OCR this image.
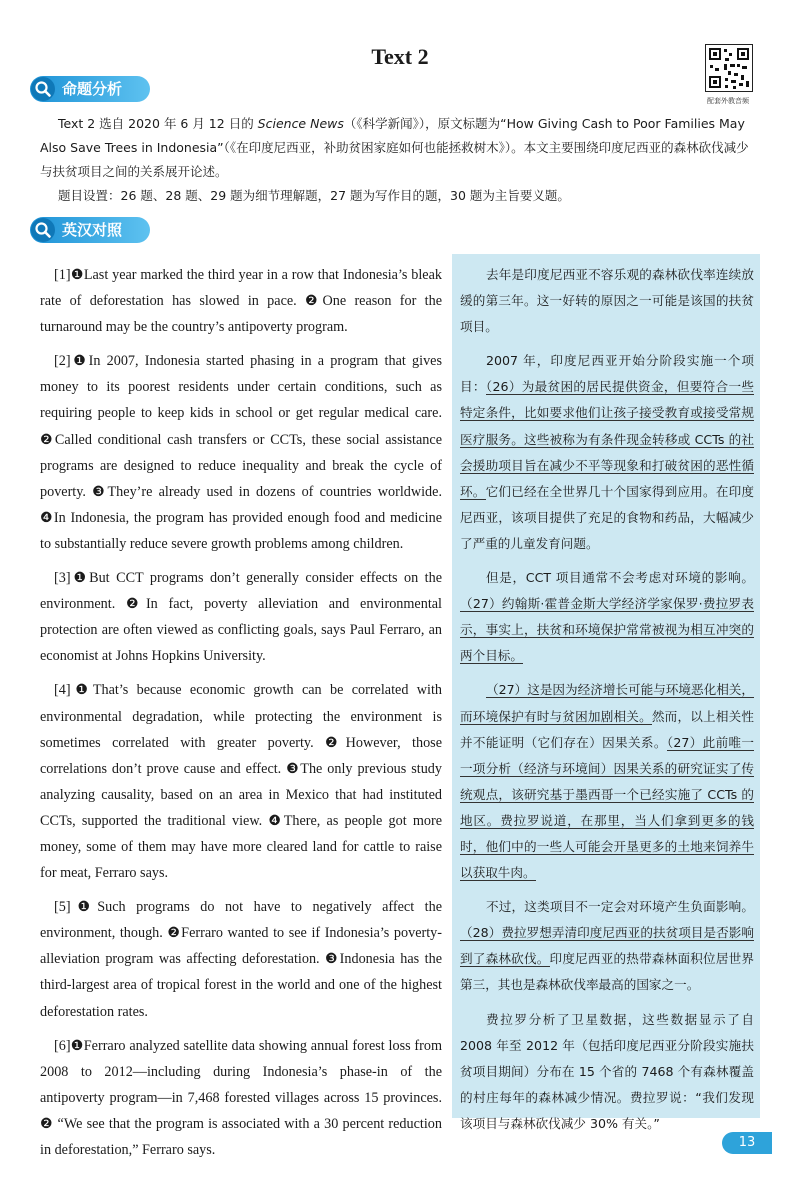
Text 2
配套外教音频
命题分析

Text 2 选自 2020 年 6 月 12 日的 Science News（《科学新闻》），原文标题为“How Giving Cash to Poor Families May Also Save Trees in Indonesia”（《在印度尼西亚，补助贫困家庭如何也能拯救树木》）。本文主要围绕印度尼西亚的森林砍伐减少与扶贫项目之间的关系展开论述。

题目设置：26 题、28 题、29 题为细节理解题，27 题为写作目的题，30 题为主旨要义题。

英汉对照

[1]❶Last year marked the third year in a row that Indonesia’s bleak rate of deforestation has slowed in pace. ❷One reason for the turnaround may be the country’s antipoverty program.

[2]❶In 2007, Indonesia started phasing in a program that gives money to its poorest residents under certain conditions, such as requiring people to keep kids in school or get regular medical care. ❷Called conditional cash transfers or CCTs, these social assistance programs are designed to reduce inequality and break the cycle of poverty. ❸They’re already used in dozens of countries worldwide. ❹In Indonesia, the program has provided enough food and medicine to substantially reduce severe growth problems among children.

[3]❶But CCT programs don’t generally consider effects on the environment. ❷In fact, poverty alleviation and environmental protection are often viewed as conflicting goals, says Paul Ferraro, an economist at Johns Hopkins University.

[4]❶That’s because economic growth can be correlated with environmental degradation, while protecting the environment is sometimes correlated with greater poverty. ❷However, those correlations don’t prove cause and effect. ❸The only previous study analyzing causality, based on an area in Mexico that had instituted CCTs, supported the traditional view. ❹There, as people got more money, some of them may have more cleared land for cattle to raise for meat, Ferraro says.

[5]❶Such programs do not have to negatively affect the environment, though. ❷Ferraro wanted to see if Indonesia’s poverty-alleviation program was affecting deforestation. ❸Indonesia has the third-largest area of tropical forest in the world and one of the highest deforestation rates.

[6]❶Ferraro analyzed satellite data showing annual forest loss from 2008 to 2012—including during Indonesia’s phase-in of the antipoverty program—in 7,468 forested villages across 15 provinces. ❷ “We see that the program is associated with a 30 percent reduction in deforestation,” Ferraro says.

去年是印度尼西亚不容乐观的森林砍伐率连续放缓的第三年。这一好转的原因之一可能是该国的扶贫项目。

2007 年，印度尼西亚开始分阶段实施一个项目：（26）为最贫困的居民提供资金，但要符合一些特定条件，比如要求他们让孩子接受教育或接受常规医疗服务。这些被称为有条件现金转移或 CCTs 的社会援助项目旨在减少不平等现象和打破贫困的恶性循环。它们已经在全世界几十个国家得到应用。在印度尼西亚，该项目提供了充足的食物和药品，大幅减少了严重的儿童发育问题。

但是，CCT 项目通常不会考虑对环境的影响。（27）约翰斯·霍普金斯大学经济学家保罗·费拉罗表示，事实上，扶贫和环境保护常常被视为相互冲突的两个目标。

（27）这是因为经济增长可能与环境恶化相关，而环境保护有时与贫困加剧相关。然而，以上相关性并不能证明（它们存在）因果关系。（27）此前唯一一项分析（经济与环境间）因果关系的研究证实了传统观点，该研究基于墨西哥一个已经实施了 CCTs 的地区。费拉罗说道，在那里，当人们拿到更多的钱时，他们中的一些人可能会开垦更多的土地来饲养牛以获取牛肉。

不过，这类项目不一定会对环境产生负面影响。（28）费拉罗想弄清印度尼西亚的扶贫项目是否影响到了森林砍伐。印度尼西亚的热带森林面积位居世界第三，其也是森林砍伐率最高的国家之一。

费拉罗分析了卫星数据，这些数据显示了自 2008 年至 2012 年（包括印度尼西亚分阶段实施扶贫项目期间）分布在 15 个省的 7468 个有森林覆盖的村庄每年的森林减少情况。费拉罗说：“我们发现该项目与森林砍伐减少 30% 有关。”

13
